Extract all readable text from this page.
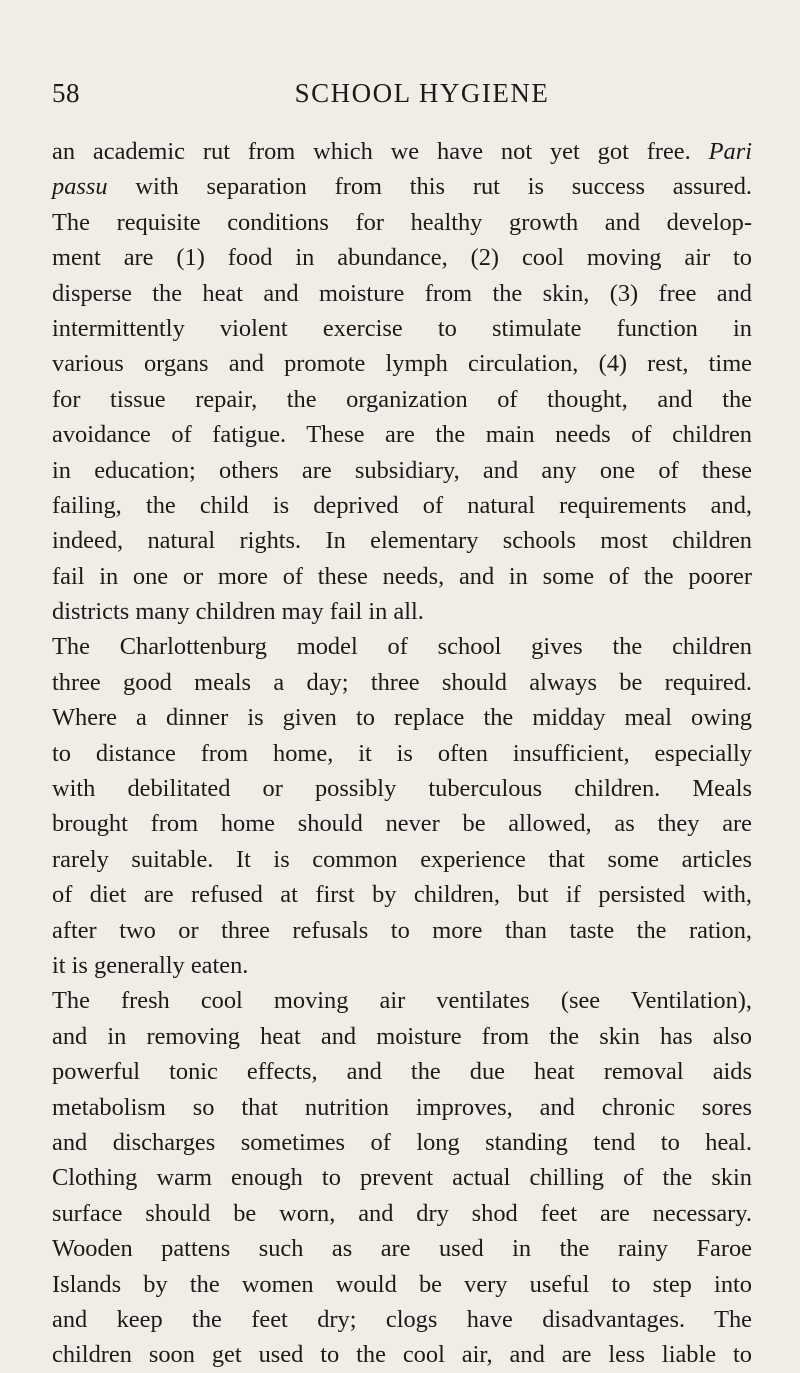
58	SCHOOL HYGIENE
an academic rut from which we have not yet got free. Pari
passu with separation from this rut is success assured.
The requisite conditions for healthy growth and develop-
ment are (1) food in abundance, (2) cool moving air to
disperse the heat and moisture from the skin, (3) free and
intermittently violent exercise to stimulate function in
various organs and promote lymph circulation, (4) rest, time
for tissue repair, the organization of thought, and the
avoidance of fatigue. These are the main needs of children
in education; others are subsidiary, and any one of these
failing, the child is deprived of natural requirements and,
indeed, natural rights. In elementary schools most children
fail in one or more of these needs, and in some of the poorer
districts many children may fail in all.
The Charlottenburg model of school gives the children
three good meals a day; three should always be required.
Where a dinner is given to replace the midday meal owing
to distance from home, it is often insufficient, especially
with debilitated or possibly tuberculous children. Meals
brought from home should never be allowed, as they are
rarely suitable. It is common experience that some articles
of diet are refused at first by children, but if persisted with,
after two or three refusals to more than taste the ration,
it is generally eaten.
The fresh cool moving air ventilates (see Ventilation),
and in removing heat and moisture from the skin has also
powerful tonic effects, and the due heat removal aids
metabolism so that nutrition improves, and chronic sores
and discharges sometimes of long standing tend to heal.
Clothing warm enough to prevent actual chilling of the skin
surface should be worn, and dry shod feet are necessary.
Wooden pattens such as are used in the rainy Faroe
Islands by the women would be very useful to step into
and keep the feet dry; clogs have disadvantages. The
children soon get used to the cool air, and are less liable to
